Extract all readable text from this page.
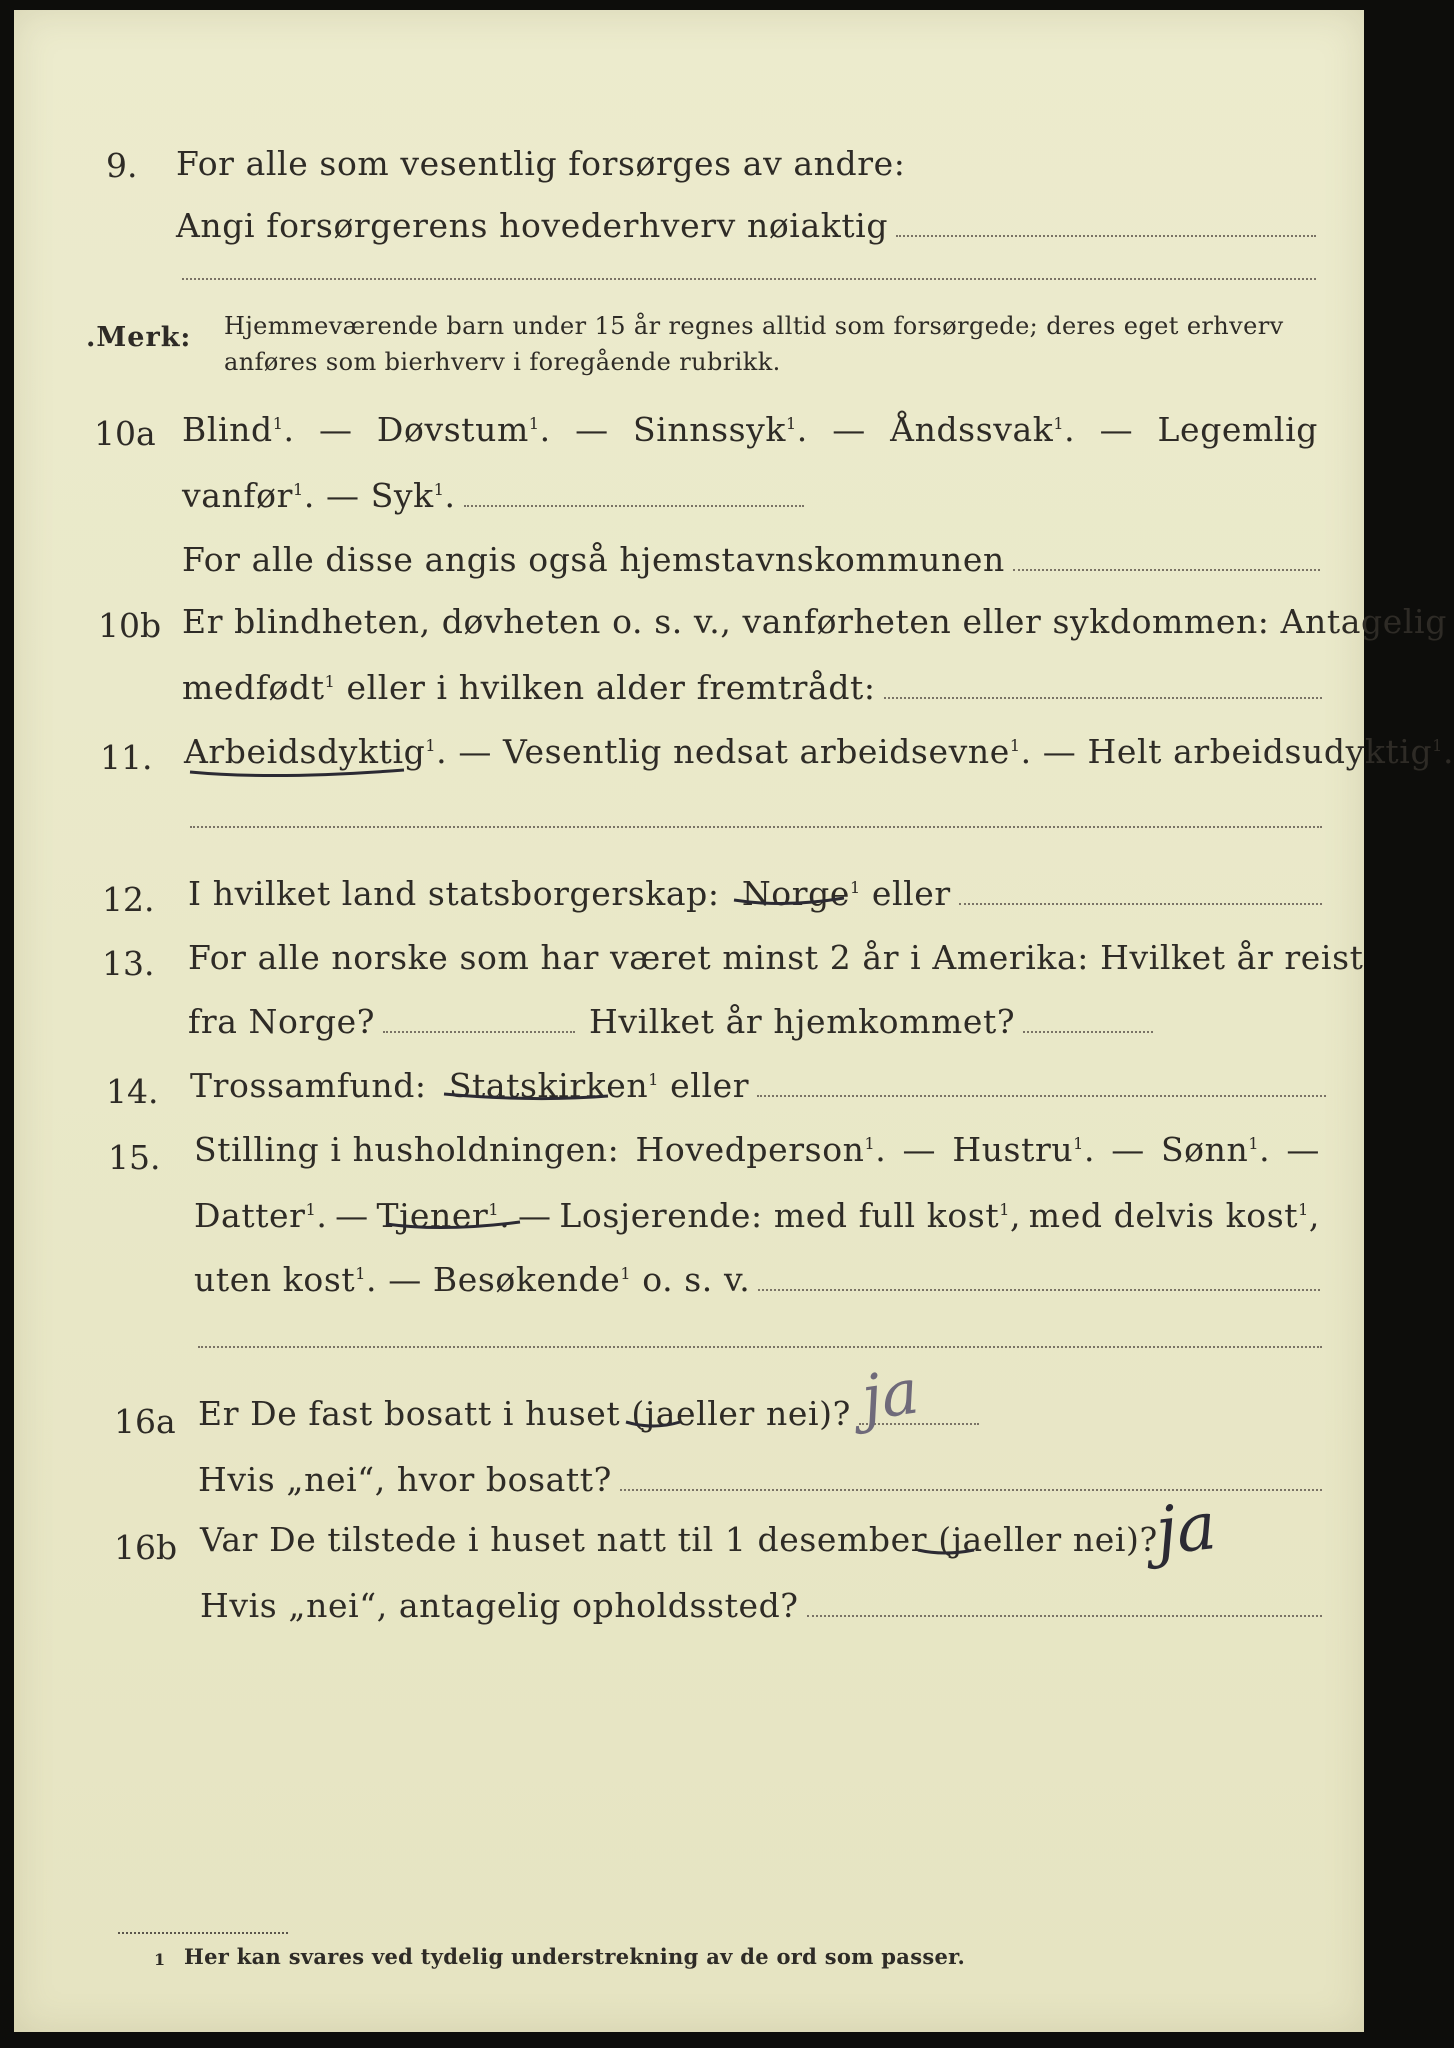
9. For alle som vesentlig forsørges av andre:
Angi forsørgerens hovederhverv nøiaktig
.Merk: Hjemmeværende barn under 15 år regnes alltid som forsørgede; deres eget erhverv
anføres som bierhverv i foregående rubrikk.
10a Blind$^1$. — Døvstum$^1$. — Sinnssyk$^1$. — Åndssvak$^1$. — Legemlig
vanfør$^1$. — Syk$^1$.
For alle disse angis også hjemstavnskommunen
10b Er blindheten, døvheten o. s. v., vanførheten eller sykdommen: Antagelig
medfødt$^1$ eller i hvilken alder fremtrådt:
11. Arbeidsdyktig$^1$. — Vesentlig nedsat arbeidsevne$^1$. — Helt arbeidsudyktig$^1$.
12. I hvilket land statsborgerskap:
Norge$^1$
eller
13. For alle norske som har været minst 2 år i Amerika: Hvilket år reist
fra Norge?	Hvilket år hjemkommet?
14. Trossamfund:
Statskirken$^1$
eller
15. Stilling i husholdningen: Hovedperson$^1$. — Hustru$^1$. — Sønn$^1$. —
Datter$^1$. — Tjener$^1$. — Losjerende: med full kost$^1$, med delvis kost$^1$,
uten kost$^1$. — Besøkende$^1$
o. s. v.
16a Er De fast bosatt i huset ( ja eller nei)? ja
Hvis „nei“, hvor bosatt?
16b Var De tilstede i huset natt til 1 desember ( ja eller nei)?
ja
Hvis „nei“, antagelig opholdssted?
1 Her kan svares ved tydelig understrekning av de ord som passer.
